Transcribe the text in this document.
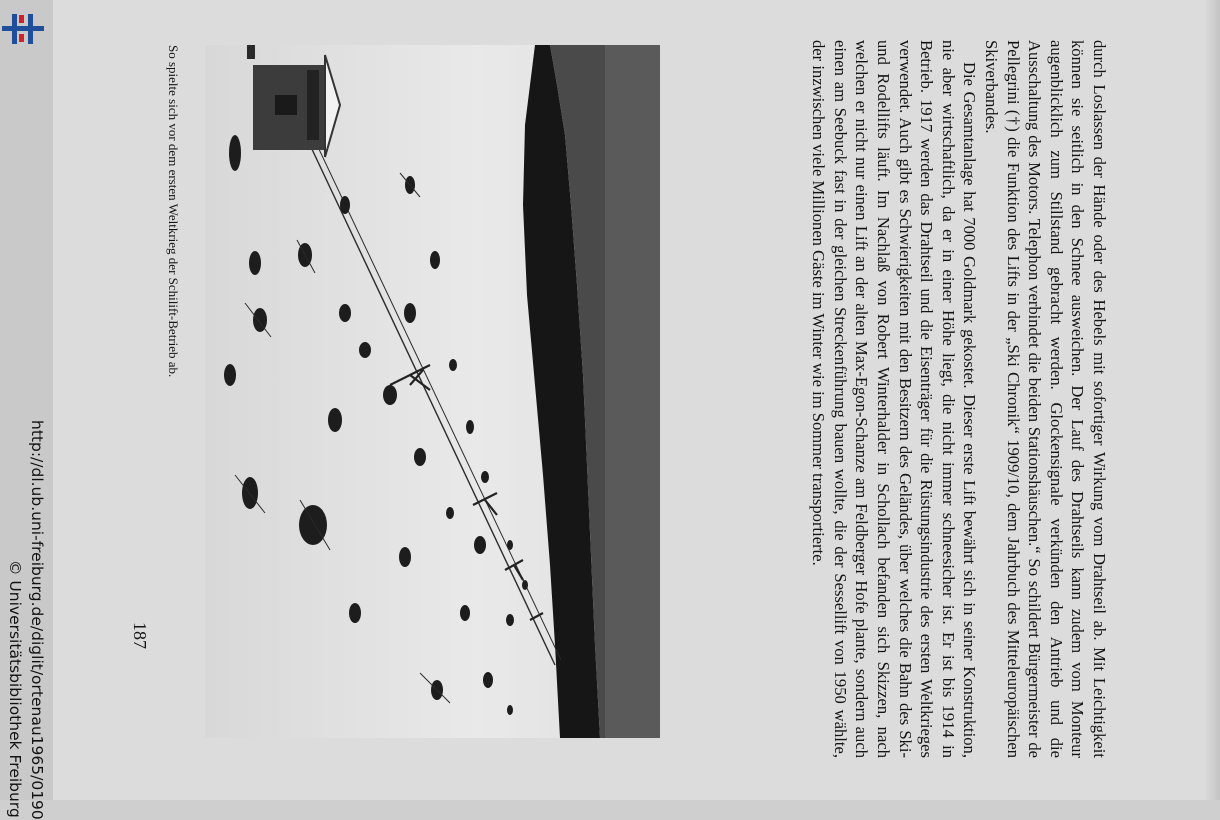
http://dl.ub.uni-freiburg.de/diglit/ortenau1965/0190
© Universitätsbibliothek Freiburg	durch Loslassen der Hände oder des Hebels mit sofortiger Wirkung vom Drahtseil ab. Mit Leichtigkeit können sie seitlich in den Schnee ausweichen. Der Lauf des Drahtseils kann zudem vom Monteur augenblicklich zum Stillstand gebracht werden. Glockensignale verkünden den Antrieb und die Ausschaltung des Motors. Telephon verbindet die beiden Stationshäuschen.“ So schildert Bürgermeister de Pellegrini (†) die Funktion des Lifts in der „Ski Chronik“ 1909/10, dem Jahrbuch des Mitteleuropäischen Skiverbandes.

Die Gesamtanlage hat 7000 Goldmark gekostet. Dieser erste Lift bewährt sich in seiner Konstruktion, nie aber wirtschaftlich, da er in einer Höhe liegt, die nicht immer schneesicher ist. Er ist bis 1914 in Betrieb. 1917 werden das Drahtseil und die Eisenträger für die Rüstungsindustrie des ersten Weltkrieges verwendet. Auch gibt es Schwierigkeiten mit den Besitzern des Geländes, über welches die Bahn des Ski- und Rodellifts läuft. Im Nachlaß von Robert Winterhalder in Schollach befanden sich Skizzen, nach welchen er nicht nur einen Lift an der alten Max-Egon-Schanze am Feldberger Hofe plante, sondern auch einen am Seebuck fast in der gleichen Streckenführung bauen wollte, die der Sessellift von 1950 wählte, der inzwischen viele Millionen Gäste im Winter wie im Sommer transportierte.

187
So spielte sich vor dem ersten Weltkrieg der Schilift-Betrieb ab.
